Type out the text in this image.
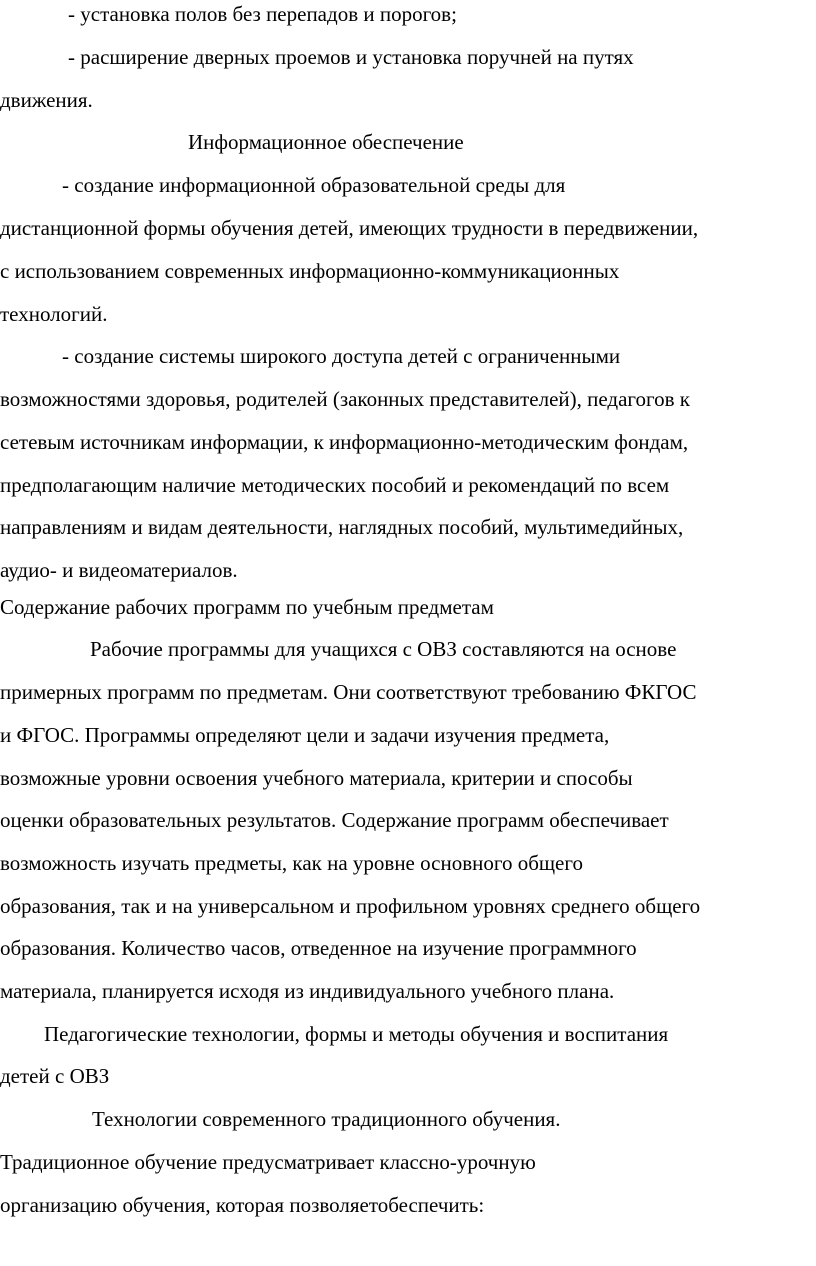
- установка полов без перепадов и порогов;
- расширение дверных проемов и установка поручней на путях
движения.
Информационное обеспечение
- создание информационной образовательной среды для
дистанционной формы обучения детей, имеющих трудности в передвижении,
с использованием современных информационно-коммуникационных
технологий.
- создание системы широкого доступа детей с ограниченными
возможностями здоровья, родителей (законных представителей), педагогов к
сетевым источникам информации, к информационно-методическим фондам,
предполагающим наличие методических пособий и рекомендаций по всем
направлениям и видам деятельности, наглядных пособий, мультимедийных,
аудио- и видеоматериалов.
Содержание рабочих программ по учебным предметам
Рабочие программы для учащихся с ОВЗ составляются на основе
примерных программ по предметам. Они соответствуют требованию ФКГОС
и ФГОС. Программы определяют цели и задачи изучения предмета,
возможные уровни освоения учебного материала, критерии и способы
оценки образовательных результатов. Содержание программ обеспечивает
возможность изучать предметы, как на уровне основного общего
образования, так и на универсальном и профильном уровнях среднего общего
образования. Количество часов, отведенное на изучение программного
материала, планируется исходя из индивидуального учебного плана.
Педагогические технологии, формы и методы обучения и воспитания
детей с ОВЗ
Технологии современного традиционного обучения.
Традиционное обучение предусматривает классно-урочную
организацию обучения, которая позволяетобеспечить:
